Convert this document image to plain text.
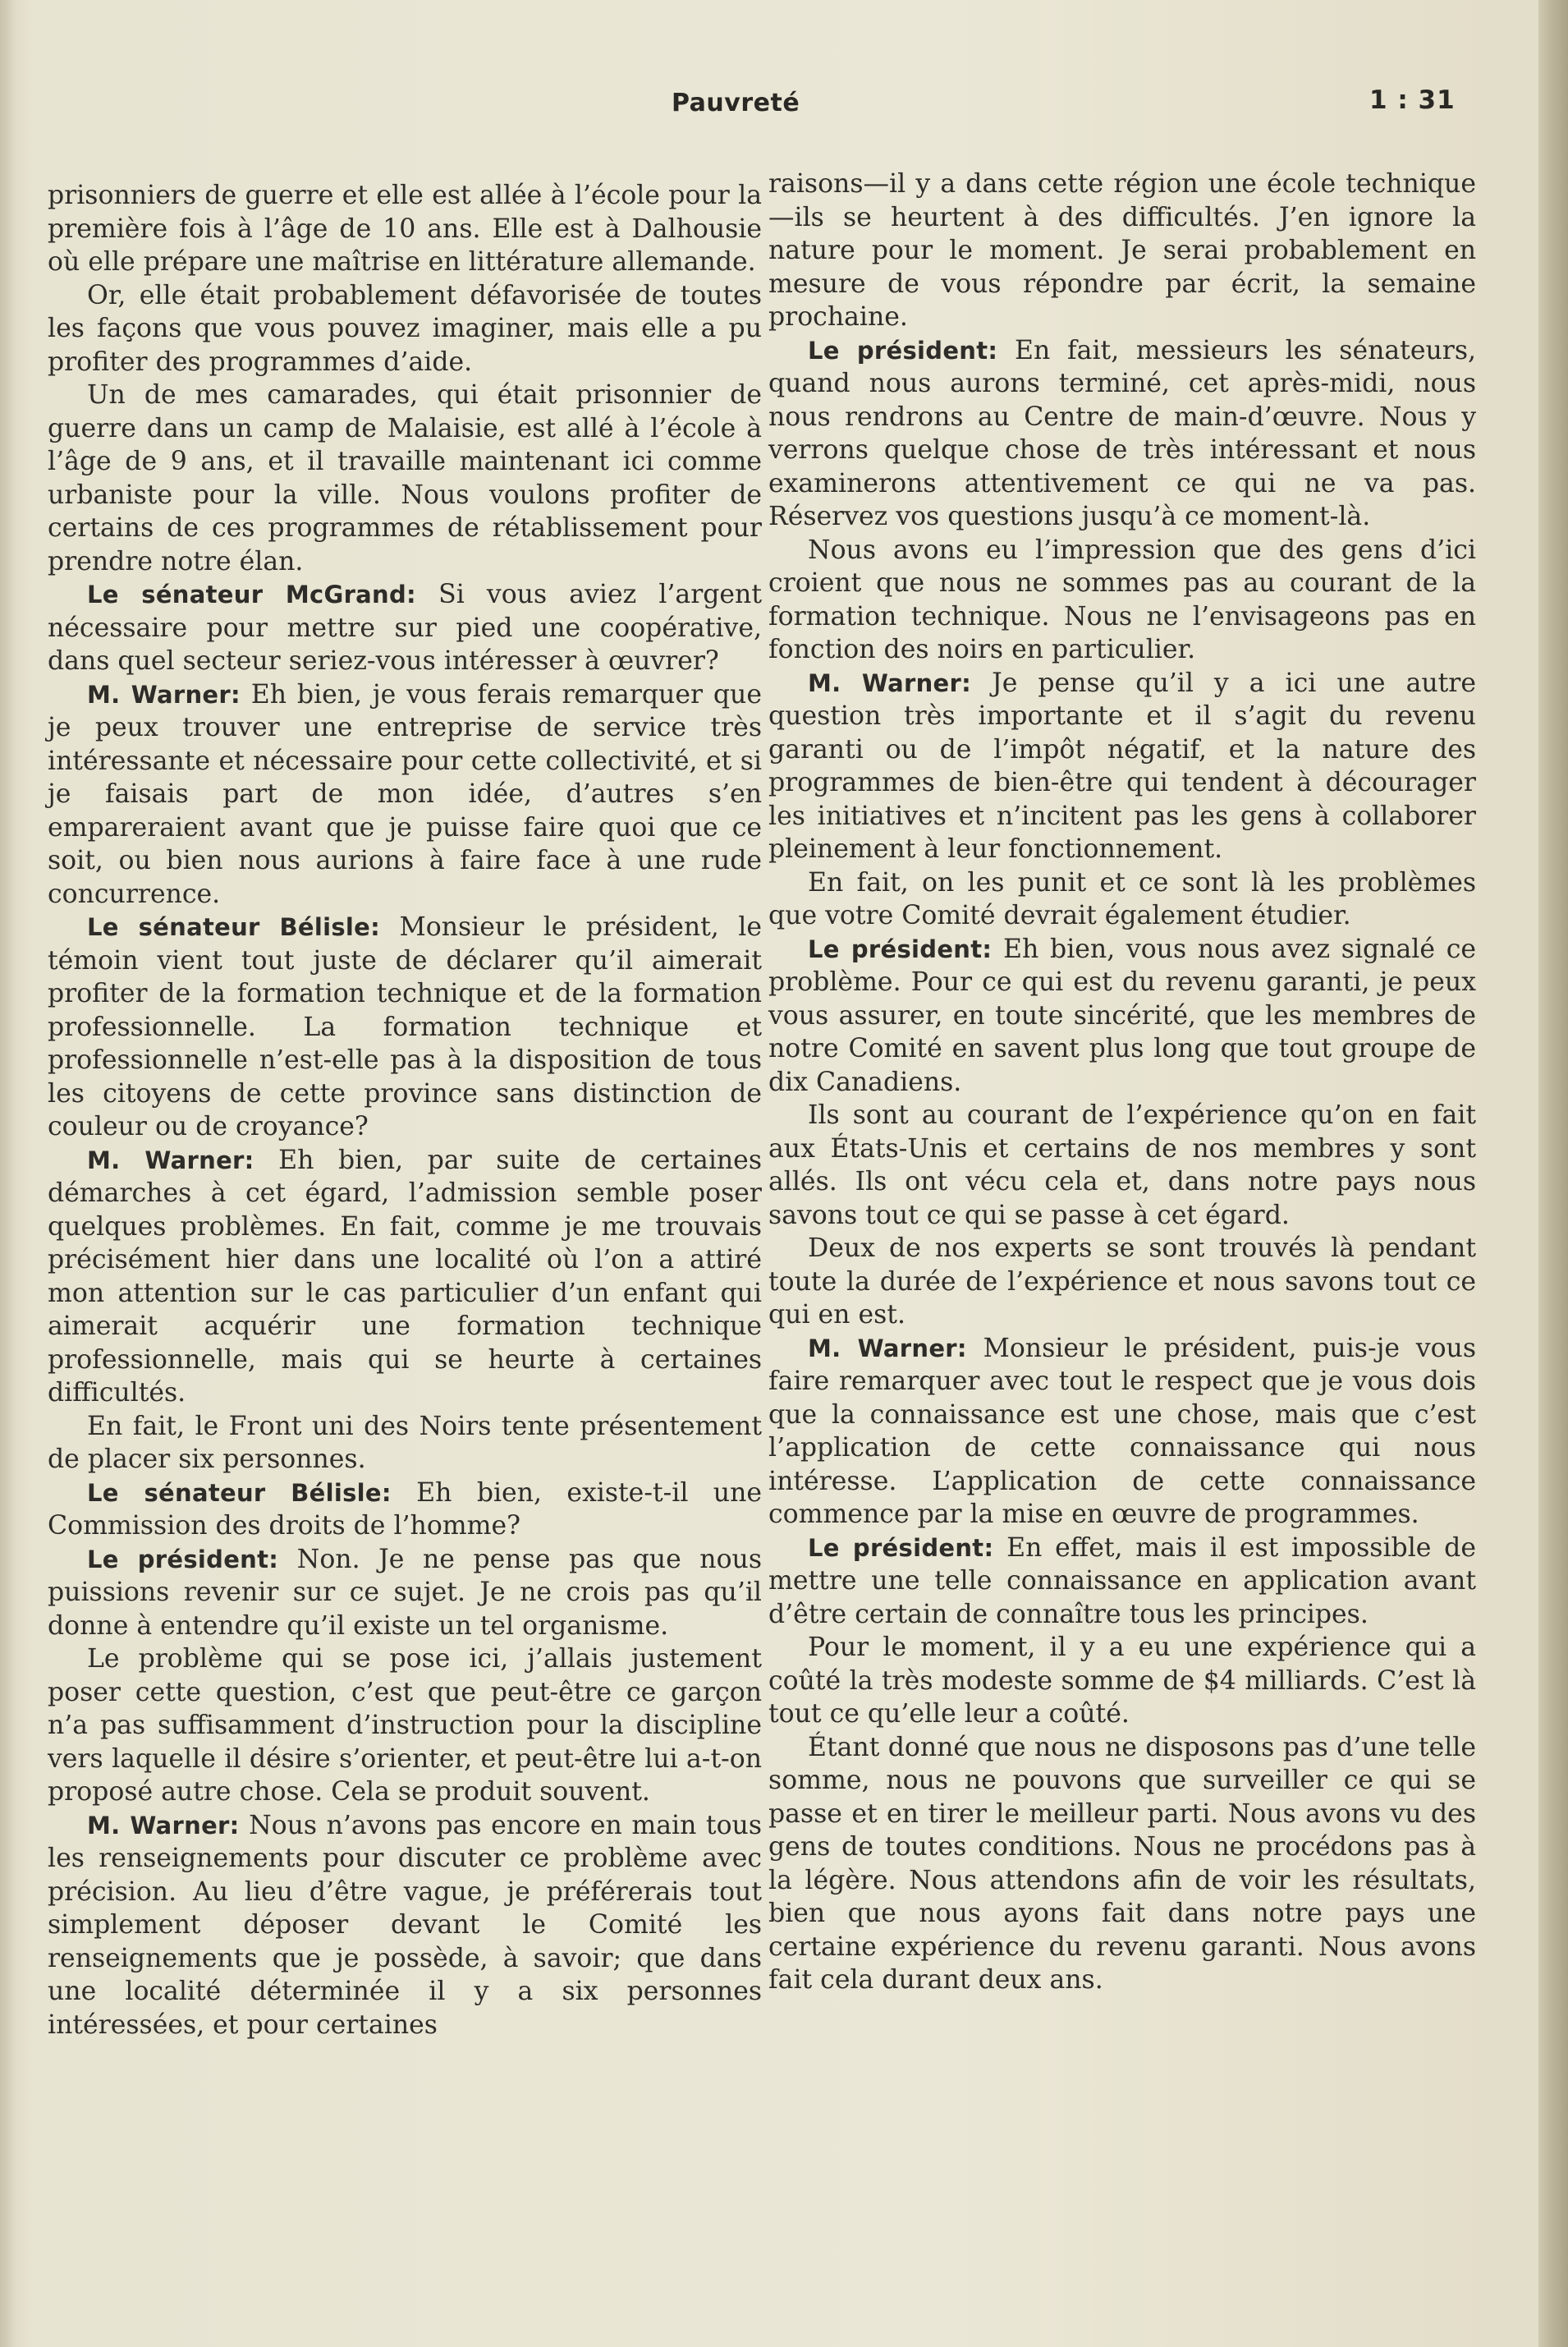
Pauvreté	1 : 31

prisonniers de guerre et elle est allée à l’école pour la première fois à l’âge de 10 ans. Elle est à Dalhousie où elle prépare une maîtrise en littérature allemande.

Or, elle était probablement défavorisée de toutes les façons que vous pouvez imaginer, mais elle a pu profiter des programmes d’aide.

Un de mes camarades, qui était prisonnier de guerre dans un camp de Malaisie, est allé à l’école à l’âge de 9 ans, et il travaille maintenant ici comme urbaniste pour la ville. Nous voulons profiter de certains de ces programmes de rétablissement pour prendre notre élan.

Le sénateur McGrand: Si vous aviez l’argent nécessaire pour mettre sur pied une coopérative, dans quel secteur seriez-vous intéresser à œuvrer?

M. Warner: Eh bien, je vous ferais remarquer que je peux trouver une entreprise de service très intéressante et nécessaire pour cette collectivité, et si je faisais part de mon idée, d’autres s’en empareraient avant que je puisse faire quoi que ce soit, ou bien nous aurions à faire face à une rude concurrence.

Le sénateur Bélisle: Monsieur le président, le témoin vient tout juste de déclarer qu’il aimerait profiter de la formation technique et de la formation professionnelle. La formation technique et professionnelle n’est-elle pas à la disposition de tous les citoyens de cette province sans distinction de couleur ou de croyance?

M. Warner: Eh bien, par suite de certaines démarches à cet égard, l’admission semble poser quelques problèmes. En fait, comme je me trouvais précisément hier dans une localité où l’on a attiré mon attention sur le cas particulier d’un enfant qui aimerait acquérir une formation technique professionnelle, mais qui se heurte à certaines difficultés.

En fait, le Front uni des Noirs tente présentement de placer six personnes.

Le sénateur Bélisle: Eh bien, existe-t-il une Commission des droits de l’homme?

Le président: Non. Je ne pense pas que nous puissions revenir sur ce sujet. Je ne crois pas qu’il donne à entendre qu’il existe un tel organisme.

Le problème qui se pose ici, j’allais justement poser cette question, c’est que peut-être ce garçon n’a pas suffisamment d’instruction pour la discipline vers laquelle il désire s’orienter, et peut-être lui a-t-on proposé autre chose. Cela se produit souvent.

M. Warner: Nous n’avons pas encore en main tous les renseignements pour discuter ce problème avec précision. Au lieu d’être vague, je préférerais tout simplement déposer devant le Comité les renseignements que je possède, à savoir; que dans une localité déterminée il y a six personnes intéressées, et pour certaines

raisons—il y a dans cette région une école technique—ils se heurtent à des difficultés. J’en ignore la nature pour le moment. Je serai probablement en mesure de vous répondre par écrit, la semaine prochaine.

Le président: En fait, messieurs les sénateurs, quand nous aurons terminé, cet après-midi, nous nous rendrons au Centre de main-d’œuvre. Nous y verrons quelque chose de très intéressant et nous examinerons attentivement ce qui ne va pas. Réservez vos questions jusqu’à ce moment-là.

Nous avons eu l’impression que des gens d’ici croient que nous ne sommes pas au courant de la formation technique. Nous ne l’envisageons pas en fonction des noirs en particulier.

M. Warner: Je pense qu’il y a ici une autre question très importante et il s’agit du revenu garanti ou de l’impôt négatif, et la nature des programmes de bien-être qui tendent à décourager les initiatives et n’incitent pas les gens à collaborer pleinement à leur fonctionnement.

En fait, on les punit et ce sont là les problèmes que votre Comité devrait également étudier.

Le président: Eh bien, vous nous avez signalé ce problème. Pour ce qui est du revenu garanti, je peux vous assurer, en toute sincérité, que les membres de notre Comité en savent plus long que tout groupe de dix Canadiens.

Ils sont au courant de l’expérience qu’on en fait aux États-Unis et certains de nos membres y sont allés. Ils ont vécu cela et, dans notre pays nous savons tout ce qui se passe à cet égard.

Deux de nos experts se sont trouvés là pendant toute la durée de l’expérience et nous savons tout ce qui en est.

M. Warner: Monsieur le président, puis-je vous faire remarquer avec tout le respect que je vous dois que la connaissance est une chose, mais que c’est l’application de cette connaissance qui nous intéresse. L’application de cette connaissance commence par la mise en œuvre de programmes.

Le président: En effet, mais il est impossible de mettre une telle connaissance en application avant d’être certain de connaître tous les principes.

Pour le moment, il y a eu une expérience qui a coûté la très modeste somme de $4 milliards. C’est là tout ce qu’elle leur a coûté.

Étant donné que nous ne disposons pas d’une telle somme, nous ne pouvons que surveiller ce qui se passe et en tirer le meilleur parti. Nous avons vu des gens de toutes conditions. Nous ne procédons pas à la légère. Nous attendons afin de voir les résultats, bien que nous ayons fait dans notre pays une certaine expérience du revenu garanti. Nous avons fait cela durant deux ans.
